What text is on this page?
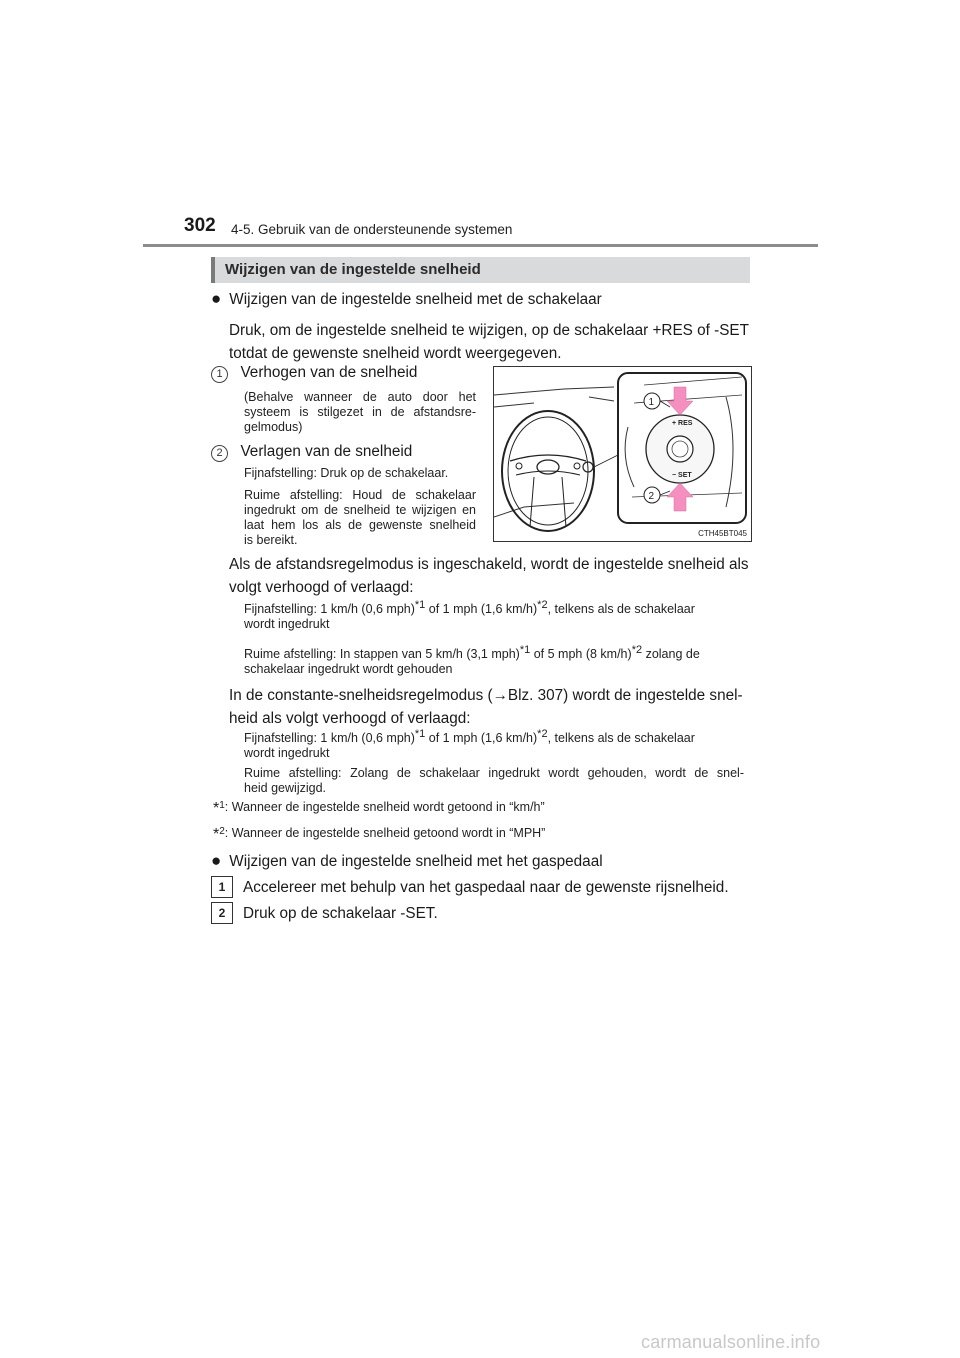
302 4-5. Gebruik van de ondersteunende systemen
Wijzigen van de ingestelde snelheid
● Wijzigen van de ingestelde snelheid met de schakelaar
Druk, om de ingestelde snelheid te wijzigen, op de schakelaar +RES of -SET
totdat de gewenste snelheid wordt weergegeven.
1 Verhogen van de snelheid
(Behalve wanneer de auto door het
systeem is stilgezet in de afstandsre-
gelmodus)
2 Verlagen van de snelheid
Fijnafstelling: Druk op de schakelaar.
Ruime afstelling: Houd de schakelaar
ingedrukt om de snelheid te wijzigen en
laat hem los als de gewenste snelheid
is bereikt.
+ RES
− SET
1
2
CTH45BT045
Als de afstandsregelmodus is ingeschakeld, wordt de ingestelde snelheid als
volgt verhoogd of verlaagd:
Fijnafstelling: 1 km/h (0,6 mph)$^{*1}$ of 1 mph (1,6 km/h)$^{*2}$, telkens als de schakelaar
wordt ingedrukt
Ruime afstelling: In stappen van 5 km/h (3,1 mph)$^{*1}$ of 5 mph (8 km/h)$^{*2}$ zolang de
schakelaar ingedrukt wordt gehouden
In de constante-snelheidsregelmodus (→Blz. 307) wordt de ingestelde snel-
heid als volgt verhoogd of verlaagd:
Fijnafstelling: 1 km/h (0,6 mph)$^{*1}$ of 1 mph (1,6 km/h)$^{*2}$, telkens als de schakelaar
wordt ingedrukt
Ruime afstelling: Zolang de schakelaar ingedrukt wordt gehouden, wordt de snel-
heid gewijzigd.
*$^1$: Wanneer de ingestelde snelheid wordt getoond in “km/h”
*$^2$: Wanneer de ingestelde snelheid getoond wordt in “MPH”
● Wijzigen van de ingestelde snelheid met het gaspedaal
1	Accelereer met behulp van het gaspedaal naar de gewenste rijsnelheid.
2	Druk op de schakelaar -SET.
carmanualsonline.info
